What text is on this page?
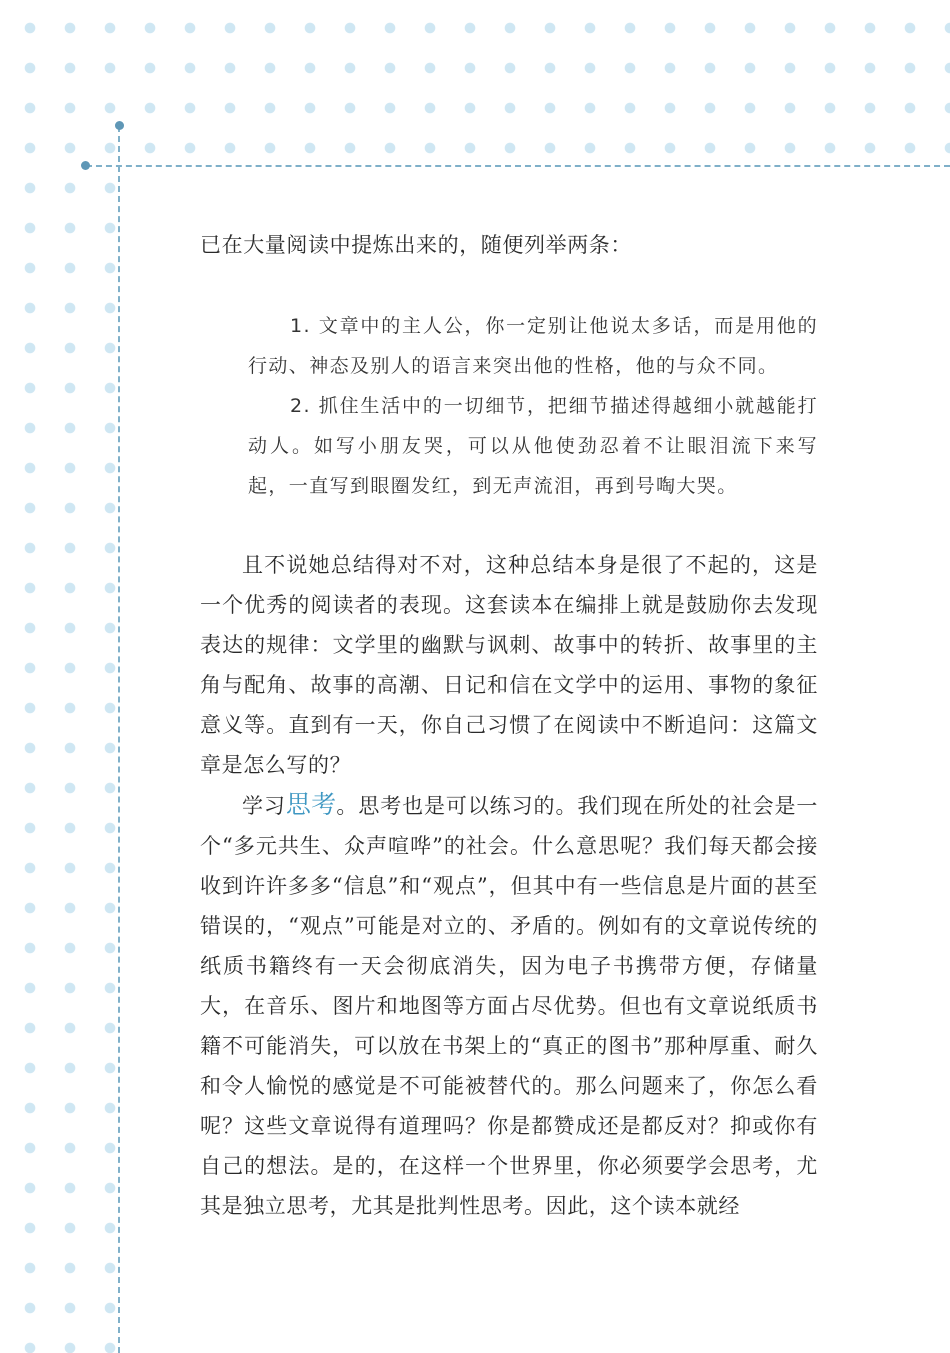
已在大量阅读中提炼出来的，随便列举两条：

1. 文章中的主人公，你一定别让他说太多话，而是用他的行动、神态及别人的语言来突出他的性格，他的与众不同。

2. 抓住生活中的一切细节，把细节描述得越细小就越能打动人。如写小朋友哭，可以从他使劲忍着不让眼泪流下来写起，一直写到眼圈发红，到无声流泪，再到号啕大哭。

且不说她总结得对不对，这种总结本身是很了不起的，这是一个优秀的阅读者的表现。这套读本在编排上就是鼓励你去发现表达的规律：文学里的幽默与讽刺、故事中的转折、故事里的主角与配角、故事的高潮、日记和信在文学中的运用、事物的象征意义等。直到有一天，你自己习惯了在阅读中不断追问：这篇文章是怎么写的？

学习思考。思考也是可以练习的。我们现在所处的社会是一个“多元共生、众声喧哗”的社会。什么意思呢？我们每天都会接收到许许多多“信息”和“观点”，但其中有一些信息是片面的甚至错误的，“观点”可能是对立的、矛盾的。例如有的文章说传统的纸质书籍终有一天会彻底消失，因为电子书携带方便，存储量大，在音乐、图片和地图等方面占尽优势。但也有文章说纸质书籍不可能消失，可以放在书架上的“真正的图书”那种厚重、耐久和令人愉悦的感觉是不可能被替代的。那么问题来了，你怎么看呢？这些文章说得有道理吗？你是都赞成还是都反对？抑或你有自己的想法。是的，在这样一个世界里，你必须要学会思考，尤其是独立思考，尤其是批判性思考。因此，这个读本就经
